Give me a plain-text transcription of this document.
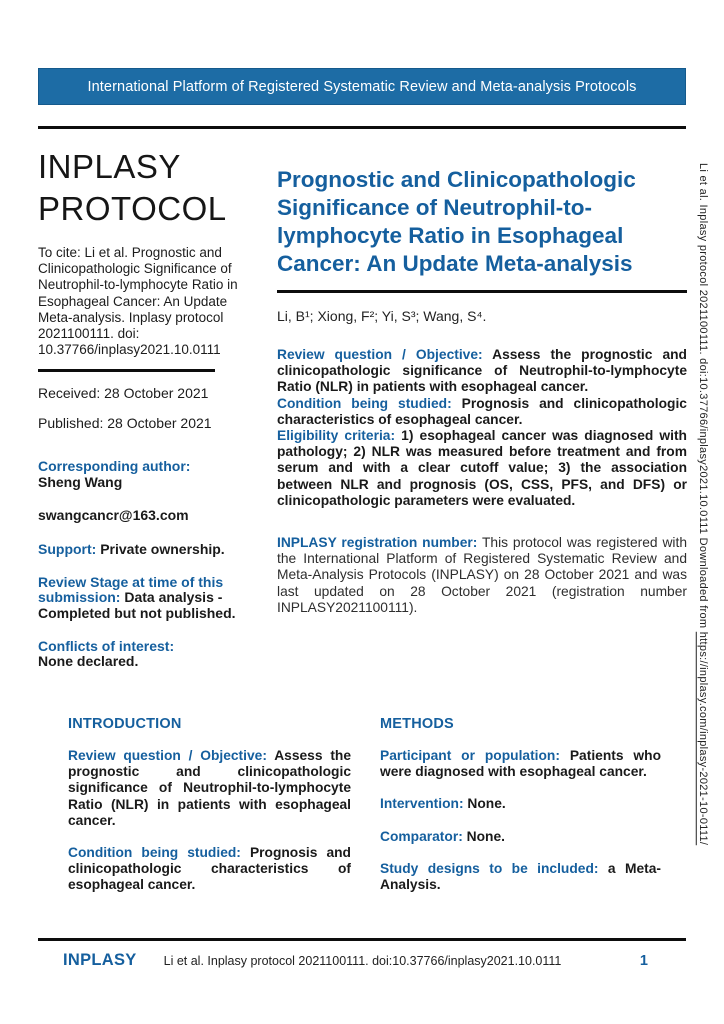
International Platform of Registered Systematic Review and Meta-analysis Protocols
INPLASY
PROTOCOL

To cite: Li et al. Prognostic and Clinicopathologic Significance of Neutrophil-to-lymphocyte Ratio in Esophageal Cancer: An Update Meta-analysis. Inplasy protocol 2021100111. doi: 10.37766/inplasy2021.10.0111

Received: 28 October 2021

Published: 28 October 2021

Corresponding author:
Sheng Wang

swangcancr@163.com

Support: Private ownership.

Review Stage at time of this submission: Data analysis - Completed but not published.

Conflicts of interest:
None declared.

Prognostic and Clinicopathologic Significance of Neutrophil-to-lymphocyte Ratio in Esophageal Cancer: An Update Meta-analysis

Li, B¹; Xiong, F²; Yi, S³; Wang, S⁴.

Review question / Objective: Assess the prognostic and clinicopathologic significance of Neutrophil-to-lymphocyte Ratio (NLR) in patients with esophageal cancer.

Condition being studied: Prognosis and clinicopathologic characteristics of esophageal cancer.

Eligibility criteria: 1) esophageal cancer was diagnosed with pathology; 2) NLR was measured before treatment and from serum and with a clear cutoff value; 3) the association between NLR and prognosis (OS, CSS, PFS, and DFS) or clinicopathologic parameters were evaluated.

INPLASY registration number: This protocol was registered with the International Platform of Registered Systematic Review and Meta-Analysis Protocols (INPLASY) on 28 October 2021 and was last updated on 28 October 2021 (registration number INPLASY2021100111).

INTRODUCTION

Review question / Objective: Assess the prognostic and clinicopathologic significance of Neutrophil-to-lymphocyte Ratio (NLR) in patients with esophageal cancer.

Condition being studied: Prognosis and clinicopathologic characteristics of esophageal cancer.

METHODS

Participant or population: Patients who were diagnosed with esophageal cancer.

Intervention: None.

Comparator: None.

Study designs to be included: a Meta-Analysis.

INPLASY Li et al. Inplasy protocol 2021100111. doi:10.37766/inplasy2021.10.0111	1
Li et al. Inplasy protocol 2021100111. doi:10.37766/inplasy2021.10.0111 Downloaded from https://inplasy.com/inplasy-2021-10-0111/
